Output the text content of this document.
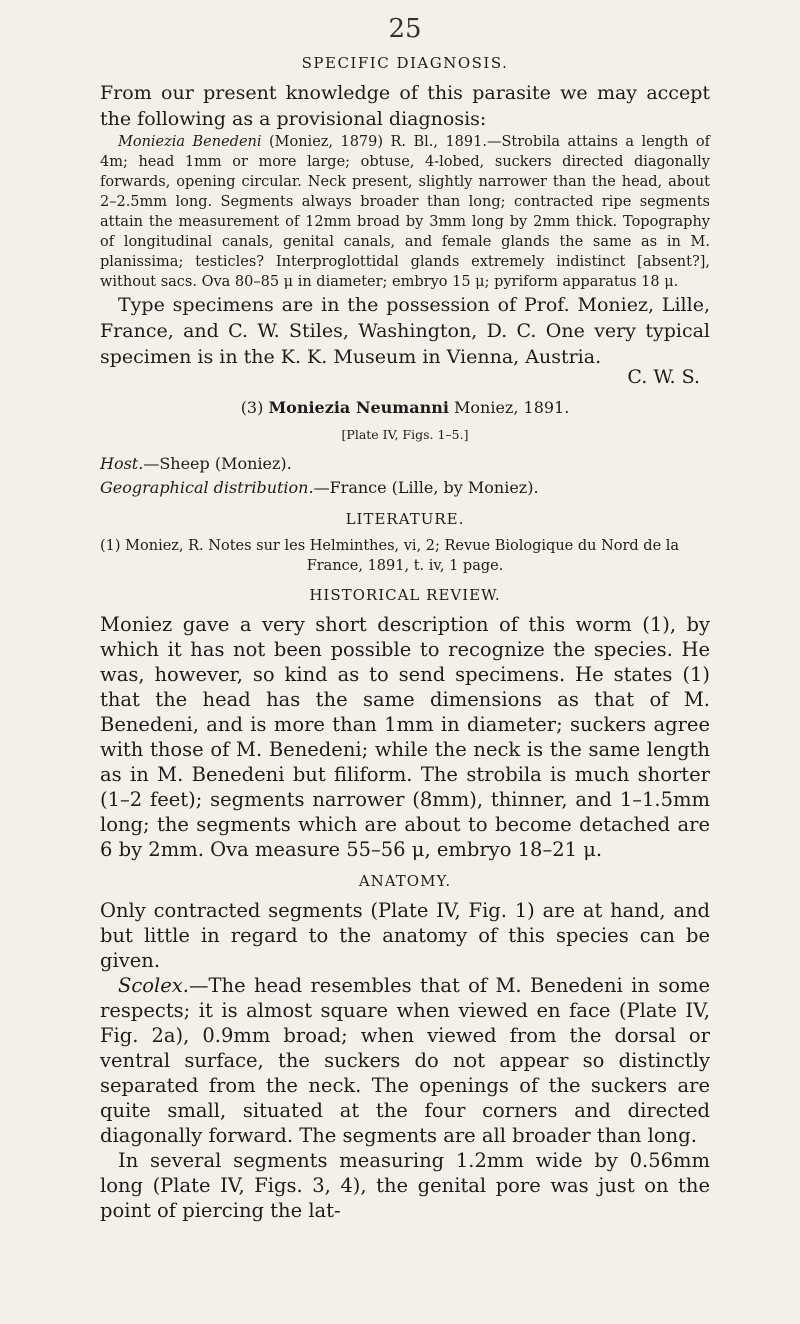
25
SPECIFIC DIAGNOSIS.

From our present knowledge of this parasite we may accept the following as a provisional diagnosis:

Moniezia Benedeni (Moniez, 1879) R. Bl., 1891.—Strobila attains a length of 4m; head 1mm or more large; obtuse, 4-lobed, suckers directed diagonally forwards, opening circular. Neck present, slightly narrower than the head, about 2–2.5mm long. Segments always broader than long; contracted ripe segments attain the measurement of 12mm broad by 3mm long by 2mm thick. Topography of longitudinal canals, genital canals, and female glands the same as in M. planissima; testicles? Interproglottidal glands extremely indistinct [absent?], without sacs. Ova 80–85 μ in diameter; embryo 15 μ; pyriform apparatus 18 μ.

Type specimens are in the possession of Prof. Moniez, Lille, France, and C. W. Stiles, Washington, D. C. One very typical specimen is in the K. K. Museum in Vienna, Austria.

C. W. S.
(3) Moniezia Neumanni Moniez, 1891.
[Plate IV, Figs. 1–5.]

Host.—Sheep (Moniez).

Geographical distribution.—France (Lille, by Moniez).

LITERATURE.

(1) Moniez, R. Notes sur les Helminthes, vi, 2; Revue Biologique du Nord de la
France, 1891, t. iv, 1 page.

HISTORICAL REVIEW.

Moniez gave a very short description of this worm (1), by which it has not been possible to recognize the species. He was, however, so kind as to send specimens. He states (1) that the head has the same dimensions as that of M. Benedeni, and is more than 1mm in diameter; suckers agree with those of M. Benedeni; while the neck is the same length as in M. Benedeni but filiform. The strobila is much shorter (1–2 feet); segments narrower (8mm), thinner, and 1–1.5mm long; the segments which are about to become detached are 6 by 2mm. Ova measure 55–56 μ, embryo 18–21 μ.

ANATOMY.

Only contracted segments (Plate IV, Fig. 1) are at hand, and but little in regard to the anatomy of this species can be given.

Scolex.—The head resembles that of M. Benedeni in some respects; it is almost square when viewed en face (Plate IV, Fig. 2a), 0.9mm broad; when viewed from the dorsal or ventral surface, the suckers do not appear so distinctly separated from the neck. The openings of the suckers are quite small, situated at the four corners and directed diagonally forward. The segments are all broader than long.

In several segments measuring 1.2mm wide by 0.56mm long (Plate IV, Figs. 3, 4), the genital pore was just on the point of piercing the lat-
